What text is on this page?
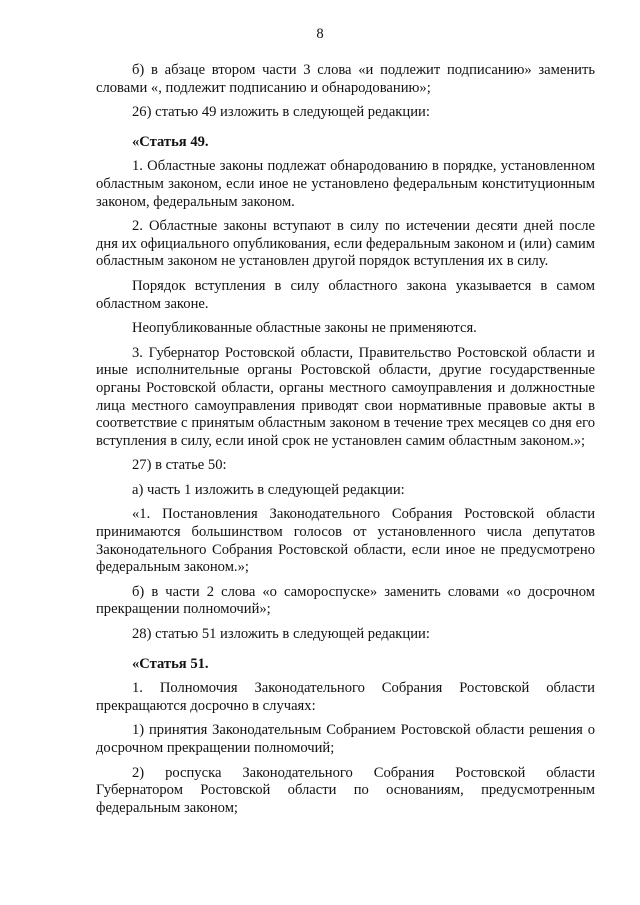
8

б) в абзаце втором части 3 слова «и подлежит подписанию» заменить словами «, подлежит подписанию и обнародованию»;

26) статью 49 изложить в следующей редакции:

«Статья 49.

1. Областные законы подлежат обнародованию в порядке, установленном областным законом, если иное не установлено федеральным конституционным законом, федеральным законом.

2. Областные законы вступают в силу по истечении десяти дней после дня их официального опубликования, если федеральным законом и (или) самим областным законом не установлен другой порядок вступления их в силу.

Порядок вступления в силу областного закона указывается в самом областном законе.

Неопубликованные областные законы не применяются.

3. Губернатор Ростовской области, Правительство Ростовской области и иные исполнительные органы Ростовской области, другие государственные органы Ростовской области, органы местного самоуправления и должностные лица местного самоуправления приводят свои нормативные правовые акты в соответствие с принятым областным законом в течение трех месяцев со дня его вступления в силу, если иной срок не установлен самим областным законом.»;

27) в статье 50:

а) часть 1 изложить в следующей редакции:

«1. Постановления Законодательного Собрания Ростовской области принимаются большинством голосов от установленного числа депутатов Законодательного Собрания Ростовской области, если иное не предусмотрено федеральным законом.»;

б) в части 2 слова «о самороспуске» заменить словами «о досрочном прекращении полномочий»;

28) статью 51 изложить в следующей редакции:

«Статья 51.

1. Полномочия Законодательного Собрания Ростовской области прекращаются досрочно в случаях:

1) принятия Законодательным Собранием Ростовской области решения о досрочном прекращении полномочий;

2) роспуска Законодательного Собрания Ростовской области Губернатором Ростовской области по основаниям, предусмотренным федеральным законом;
